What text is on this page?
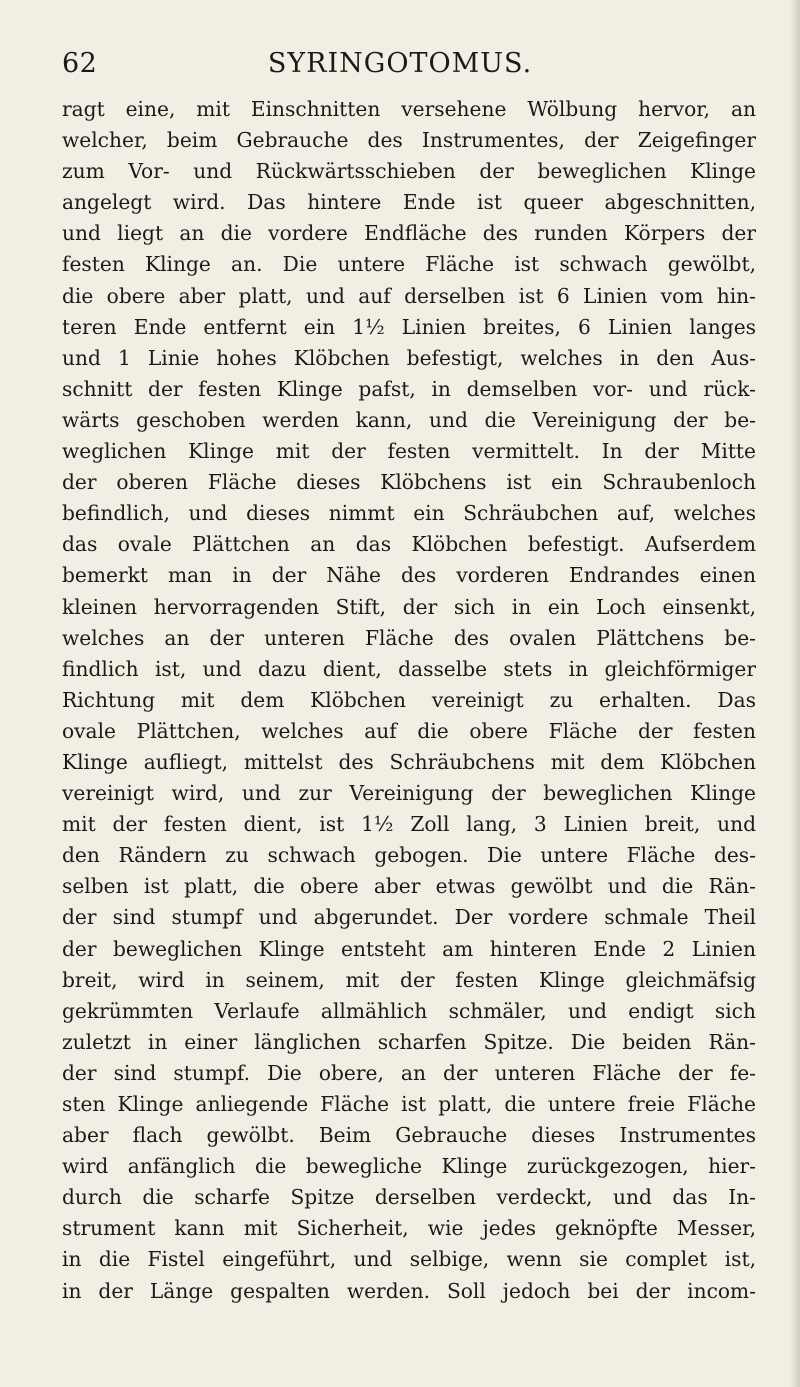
62	SYRINGOTOMUS.
ragt eine, mit Einschnitten versehene Wölbung hervor, an
welcher, beim Gebrauche des Instrumentes, der Zeigefinger
zum Vor- und Rückwärtsschieben der beweglichen Klinge
angelegt wird. Das hintere Ende ist queer abgeschnitten,
und liegt an die vordere Endfläche des runden Körpers der
festen Klinge an. Die untere Fläche ist schwach gewölbt,
die obere aber platt, und auf derselben ist 6 Linien vom hin-
teren Ende entfernt ein 1½ Linien breites, 6 Linien langes
und 1 Linie hohes Klöbchen befestigt, welches in den Aus-
schnitt der festen Klinge pafst, in demselben vor- und rück-
wärts geschoben werden kann, und die Vereinigung der be-
weglichen Klinge mit der festen vermittelt. In der Mitte
der oberen Fläche dieses Klöbchens ist ein Schraubenloch
befindlich, und dieses nimmt ein Schräubchen auf, welches
das ovale Plättchen an das Klöbchen befestigt. Aufserdem
bemerkt man in der Nähe des vorderen Endrandes einen
kleinen hervorragenden Stift, der sich in ein Loch einsenkt,
welches an der unteren Fläche des ovalen Plättchens be-
findlich ist, und dazu dient, dasselbe stets in gleichförmiger
Richtung mit dem Klöbchen vereinigt zu erhalten. Das
ovale Plättchen, welches auf die obere Fläche der festen
Klinge aufliegt, mittelst des Schräubchens mit dem Klöbchen
vereinigt wird, und zur Vereinigung der beweglichen Klinge
mit der festen dient, ist 1½ Zoll lang, 3 Linien breit, und
den Rändern zu schwach gebogen. Die untere Fläche des-
selben ist platt, die obere aber etwas gewölbt und die Rän-
der sind stumpf und abgerundet. Der vordere schmale Theil
der beweglichen Klinge entsteht am hinteren Ende 2 Linien
breit, wird in seinem, mit der festen Klinge gleichmäfsig
gekrümmten Verlaufe allmählich schmäler, und endigt sich
zuletzt in einer länglichen scharfen Spitze. Die beiden Rän-
der sind stumpf. Die obere, an der unteren Fläche der fe-
sten Klinge anliegende Fläche ist platt, die untere freie Fläche
aber flach gewölbt. Beim Gebrauche dieses Instrumentes
wird anfänglich die bewegliche Klinge zurückgezogen, hier-
durch die scharfe Spitze derselben verdeckt, und das In-
strument kann mit Sicherheit, wie jedes geknöpfte Messer,
in die Fistel eingeführt, und selbige, wenn sie complet ist,
in der Länge gespalten werden. Soll jedoch bei der incom-
